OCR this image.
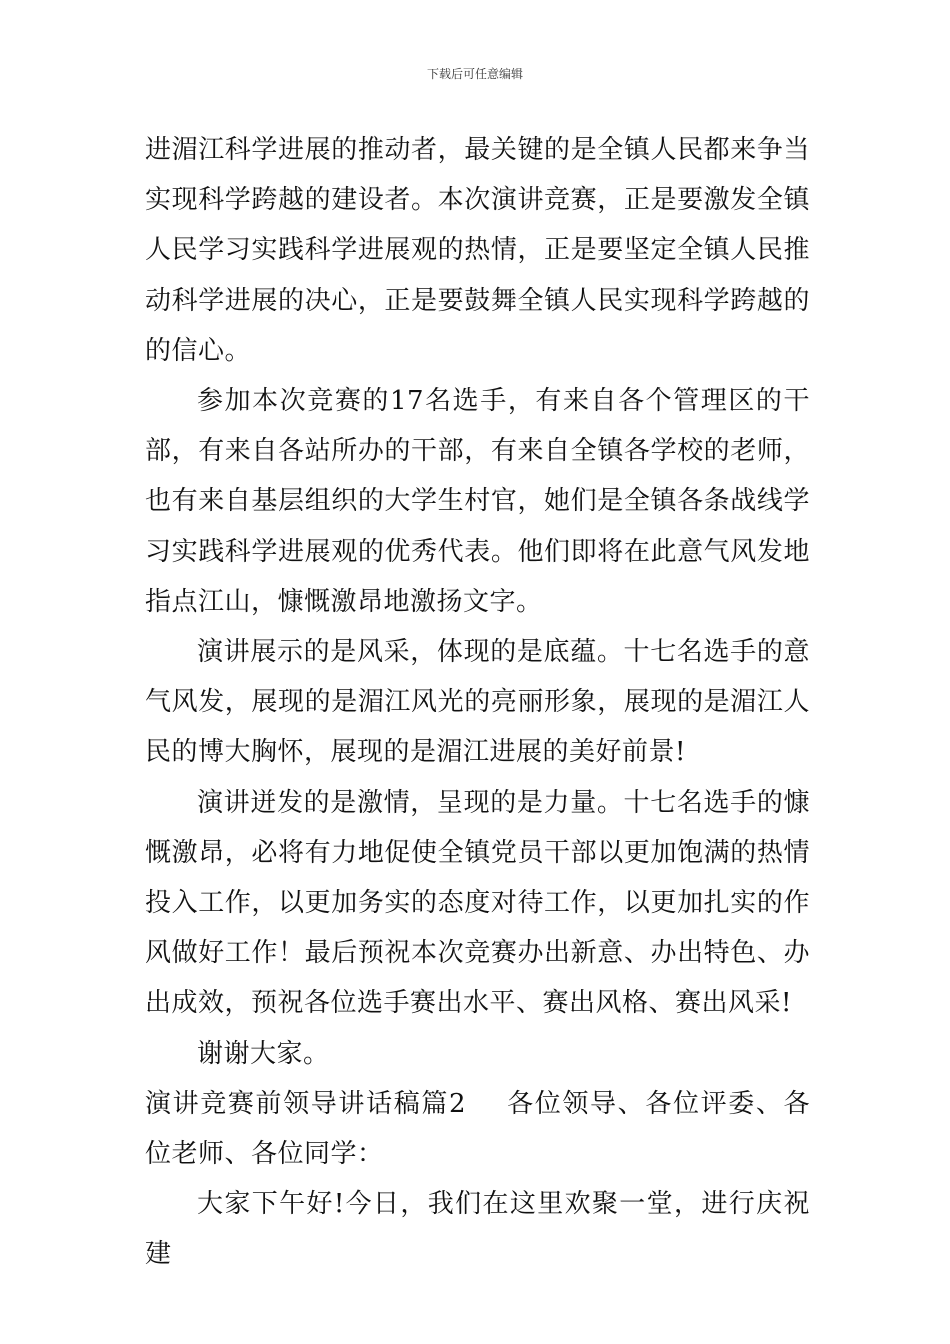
下载后可任意编辑

进湄江科学进展的推动者，最关键的是全镇人民都来争当实现科学跨越的建设者。本次演讲竞赛，正是要激发全镇人民学习实践科学进展观的热情，正是要坚定全镇人民推动科学进展的决心，正是要鼓舞全镇人民实现科学跨越的的信心。

参加本次竞赛的17名选手，有来自各个管理区的干部，有来自各站所办的干部，有来自全镇各学校的老师，也有来自基层组织的大学生村官，她们是全镇各条战线学习实践科学进展观的优秀代表。他们即将在此意气风发地指点江山，慷慨激昂地激扬文字。

演讲展示的是风采，体现的是底蕴。十七名选手的意气风发，展现的是湄江风光的亮丽形象，展现的是湄江人民的博大胸怀，展现的是湄江进展的美好前景!

演讲迸发的是激情，呈现的是力量。十七名选手的慷慨激昂，必将有力地促使全镇党员干部以更加饱满的热情投入工作，以更加务实的态度对待工作，以更加扎实的作风做好工作！最后预祝本次竞赛办出新意、办出特色、办出成效，预祝各位选手赛出水平、赛出风格、赛出风采!

谢谢大家。

演讲竞赛前领导讲话稿篇2 各位领导、各位评委、各位老师、各位同学：

大家下午好!今日，我们在这里欢聚一堂，进行庆祝建
